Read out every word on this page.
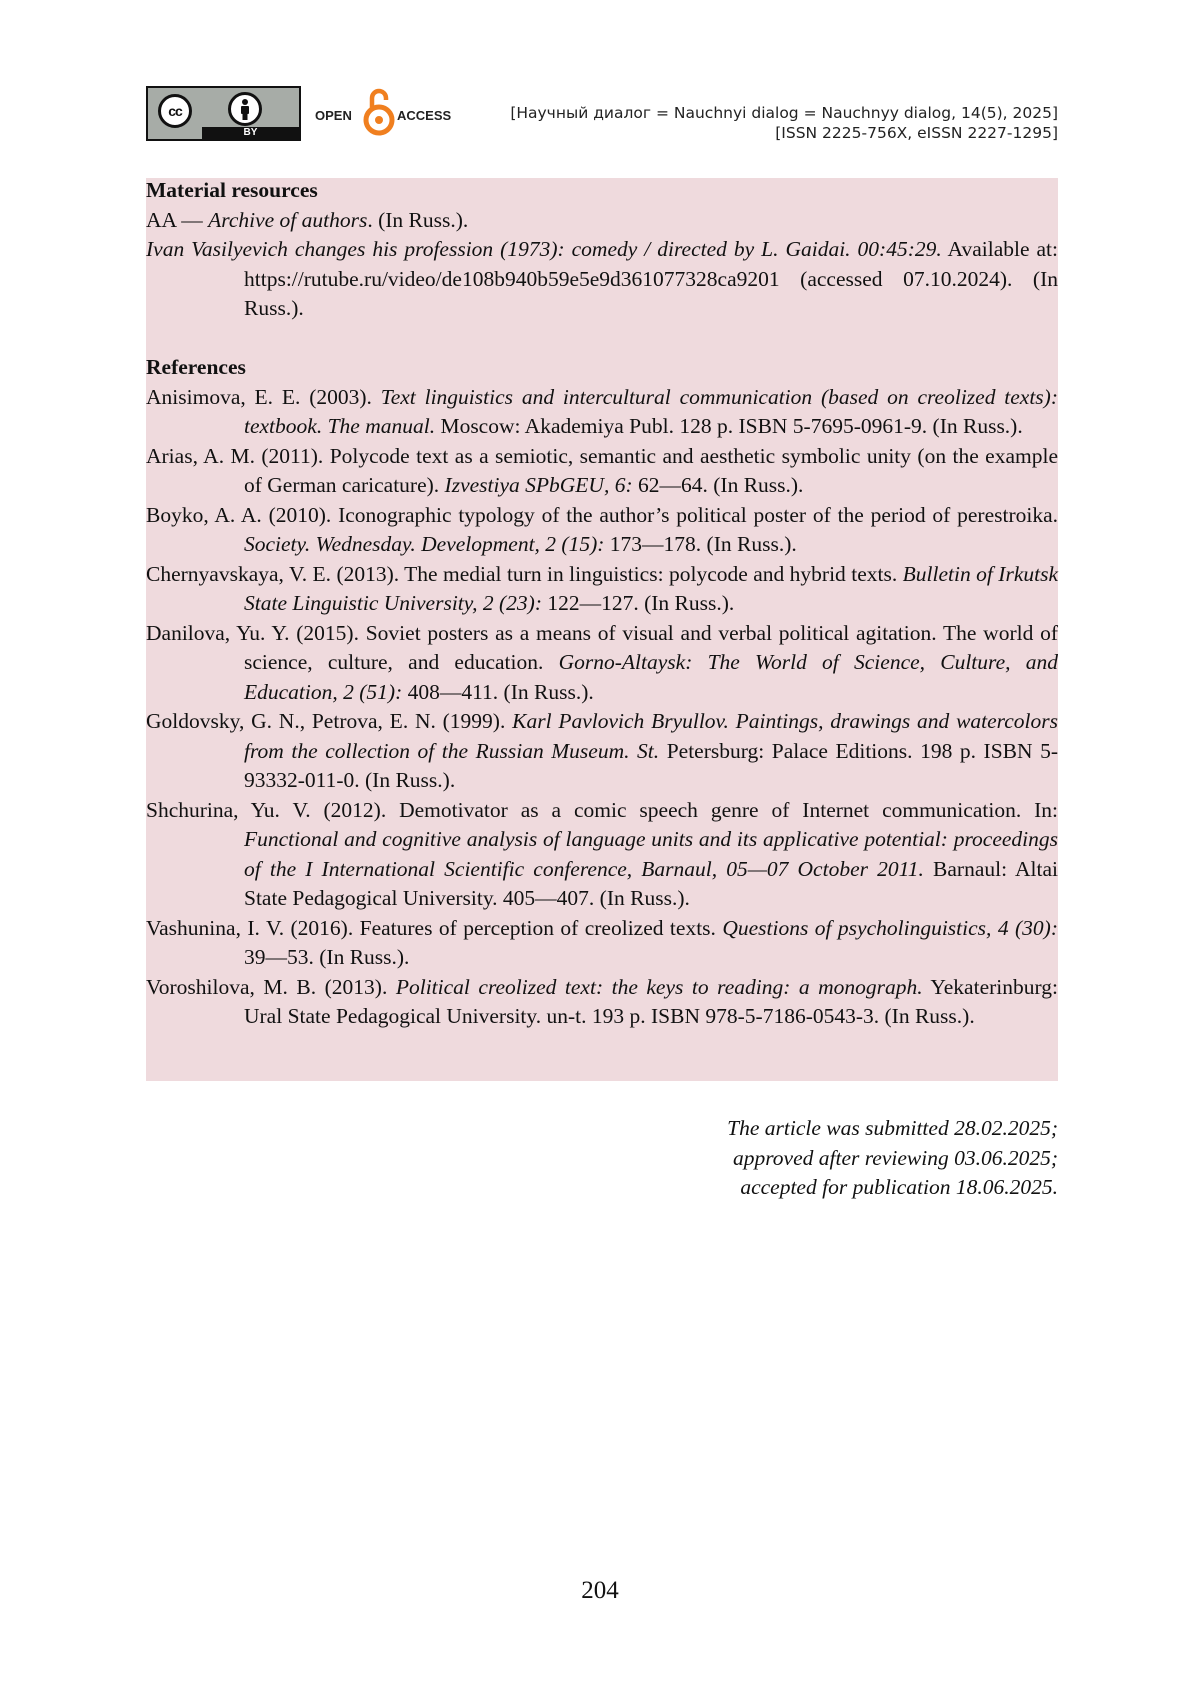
cc
BY
OPEN	ACCESS	[Научный диалог = Nauchnyi dialog = Nauchnyy dialog, 14(5), 2025]
[ISSN 2225-756X, eISSN 2227-1295]
Material resources
AA — Archive of authors. (In Russ.).
Ivan Vasilyevich changes his profession (1973): comedy / directed by L. Gaidai. 00:45:29. Available at: https://rutube.ru/video/de108b940b59e5e9d361077328ca9201 (accessed 07.10.2024). (In Russ.).
References
Anisimova, E. E. (2003). Text linguistics and intercultural communication (based on creolized texts): textbook. The manual. Moscow: Akademiya Publ. 128 p. ISBN 5-7695-0961-9. (In Russ.).
Arias, A. M. (2011). Polycode text as a semiotic, semantic and aesthetic symbolic unity (on the example of German caricature). Izvestiya SPbGEU, 6: 62—64. (In Russ.).
Boyko, A. A. (2010). Iconographic typology of the author’s political poster of the period of perestroika. Society. Wednesday. Development, 2 (15): 173—178. (In Russ.).
Chernyavskaya, V. E. (2013). The medial turn in linguistics: polycode and hybrid texts. Bulletin of Irkutsk State Linguistic University, 2 (23): 122—127. (In Russ.).
Danilova, Yu. Y. (2015). Soviet posters as a means of visual and verbal political agitation. The world of science, culture, and education. Gorno-Altaysk: The World of Science, Culture, and Education, 2 (51): 408—411. (In Russ.).
Goldovsky, G. N., Petrova, E. N. (1999). Karl Pavlovich Bryullov. Paintings, drawings and watercolors from the collection of the Russian Museum. St. Petersburg: Palace Editions. 198 p. ISBN 5-93332-011-0. (In Russ.).
Shchurina, Yu. V. (2012). Demotivator as a comic speech genre of Internet communication. In: Functional and cognitive analysis of language units and its applicative potential: proceedings of the I International Scientific conference, Barnaul, 05—07 October 2011. Barnaul: Altai State Pedagogical University. 405—407. (In Russ.).
Vashunina, I. V. (2016). Features of perception of creolized texts. Questions of psycholinguistics, 4 (30): 39—53. (In Russ.).
Voroshilova, M. B. (2013). Political creolized text: the keys to reading: a monograph. Yekaterinburg: Ural State Pedagogical University. un-t. 193 p. ISBN 978-5-7186-0543-3. (In Russ.).
The article was submitted 28.02.2025;
approved after reviewing 03.06.2025;
accepted for publication 18.06.2025.
204
